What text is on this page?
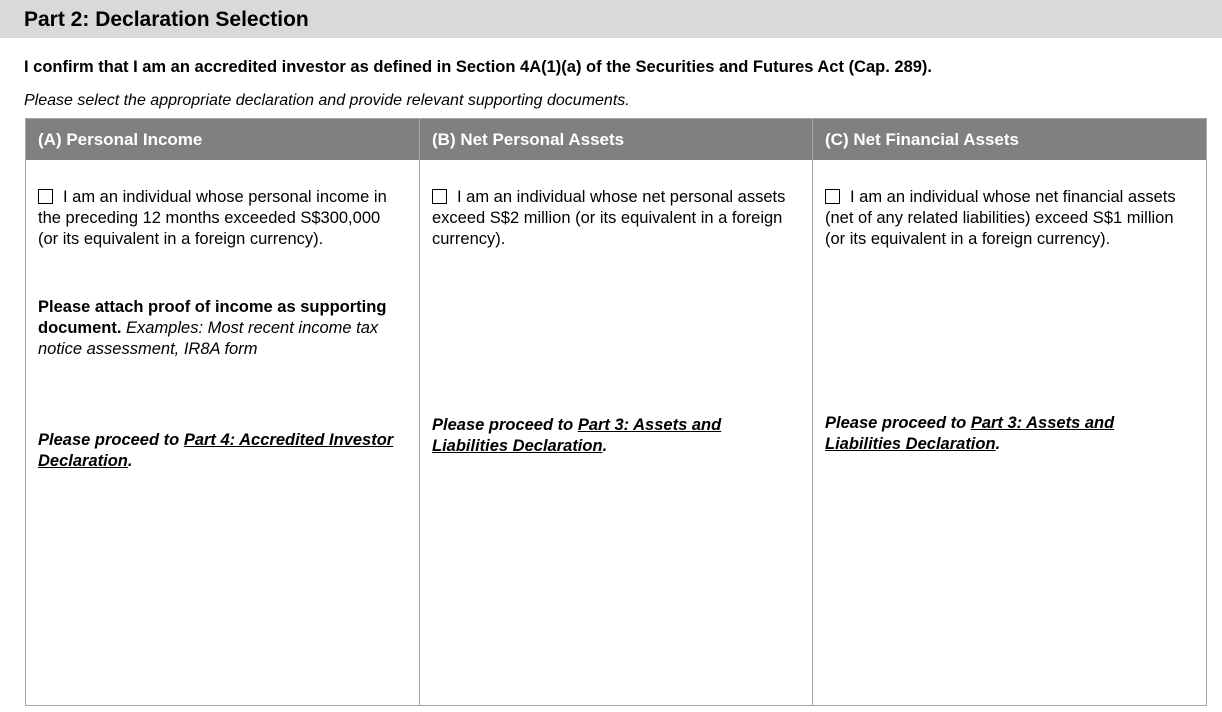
Part 2: Declaration Selection
I confirm that I am an accredited investor as defined in Section 4A(1)(a) of the Securities and Futures Act (Cap. 289).
Please select the appropriate declaration and provide relevant supporting documents.
(A) Personal Income
I am an individual whose personal income in the preceding 12 months exceeded S$300,000 (or its equivalent in a foreign currency).
Please attach proof of income as supporting document. Examples: Most recent income tax notice assessment, IR8A form
Please proceed to Part 4: Accredited Investor Declaration.
(B) Net Personal Assets
I am an individual whose net personal assets exceed S$2 million (or its equivalent in a foreign currency).
Please proceed to Part 3: Assets and Liabilities Declaration.
(C) Net Financial Assets
I am an individual whose net financial assets (net of any related liabilities) exceed S$1 million (or its equivalent in a foreign currency).
Please proceed to Part 3: Assets and Liabilities Declaration.
